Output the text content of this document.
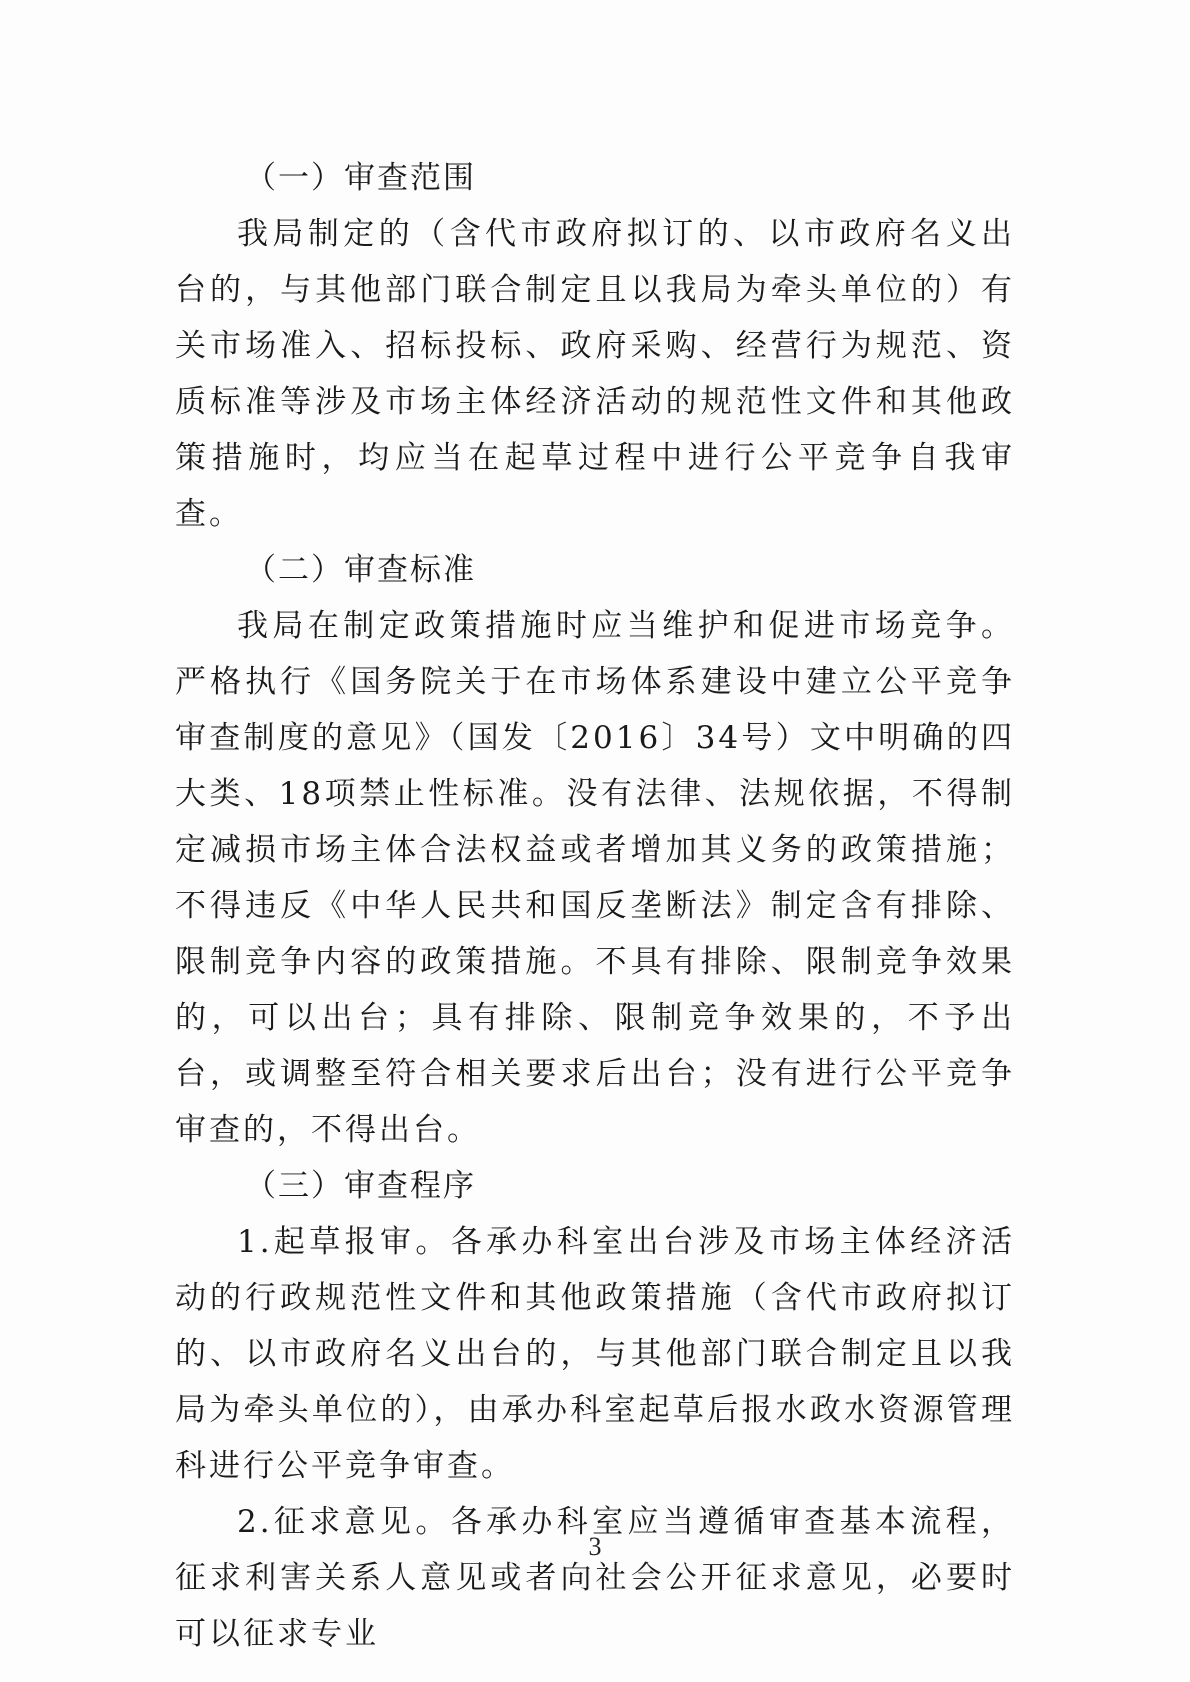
（一）审查范围

我局制定的（含代市政府拟订的、以市政府名义出台的，与其他部门联合制定且以我局为牵头单位的）有关市场准入、招标投标、政府采购、经营行为规范、资质标准等涉及市场主体经济活动的规范性文件和其他政策措施时，均应当在起草过程中进行公平竞争自我审查。

（二）审查标准

我局在制定政策措施时应当维护和促进市场竞争。严格执行《国务院关于在市场体系建设中建立公平竞争审查制度的意见》（国发〔2016〕34号）文中明确的四大类、18项禁止性标准。没有法律、法规依据，不得制定减损市场主体合法权益或者增加其义务的政策措施；不得违反《中华人民共和国反垄断法》制定含有排除、限制竞争内容的政策措施。不具有排除、限制竞争效果的，可以出台；具有排除、限制竞争效果的，不予出台，或调整至符合相关要求后出台；没有进行公平竞争审查的，不得出台。

（三）审查程序

1.起草报审。各承办科室出台涉及市场主体经济活动的行政规范性文件和其他政策措施（含代市政府拟订的、以市政府名义出台的，与其他部门联合制定且以我局为牵头单位的），由承办科室起草后报水政水资源管理科进行公平竞争审查。

2.征求意见。各承办科室应当遵循审查基本流程，征求利害关系人意见或者向社会公开征求意见，必要时可以征求专业

3
